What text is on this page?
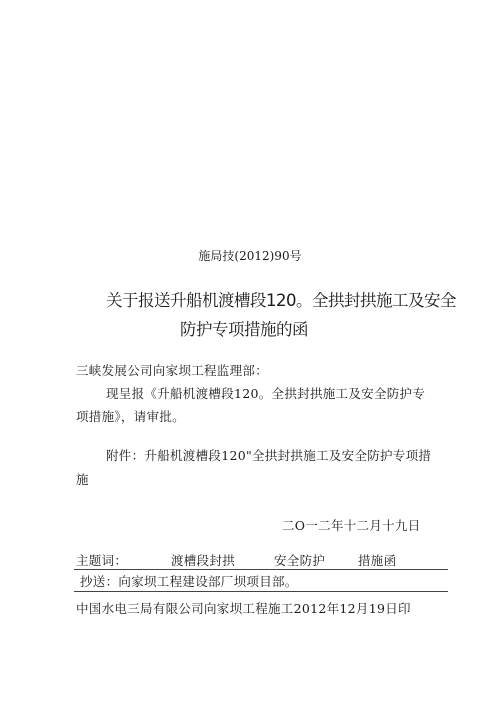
施局技(2012)90号
关于报送升船机渡槽段120。全拱封拱施工及安全
防护专项措施的函
三峡发展公司向家坝工程监理部：
现呈报《升船机渡槽段120。全拱封拱施工及安全防护专
项措施》，请审批。
附件：升船机渡槽段120"全拱封拱施工及安全防护专项措
施
二O一二年十二月十九日
主题词：	渡槽段封拱	安全防护	措施函
抄送：向家坝工程建设部厂坝项目部。
中国水电三局有限公司向家坝工程施工2012年12月19日印
